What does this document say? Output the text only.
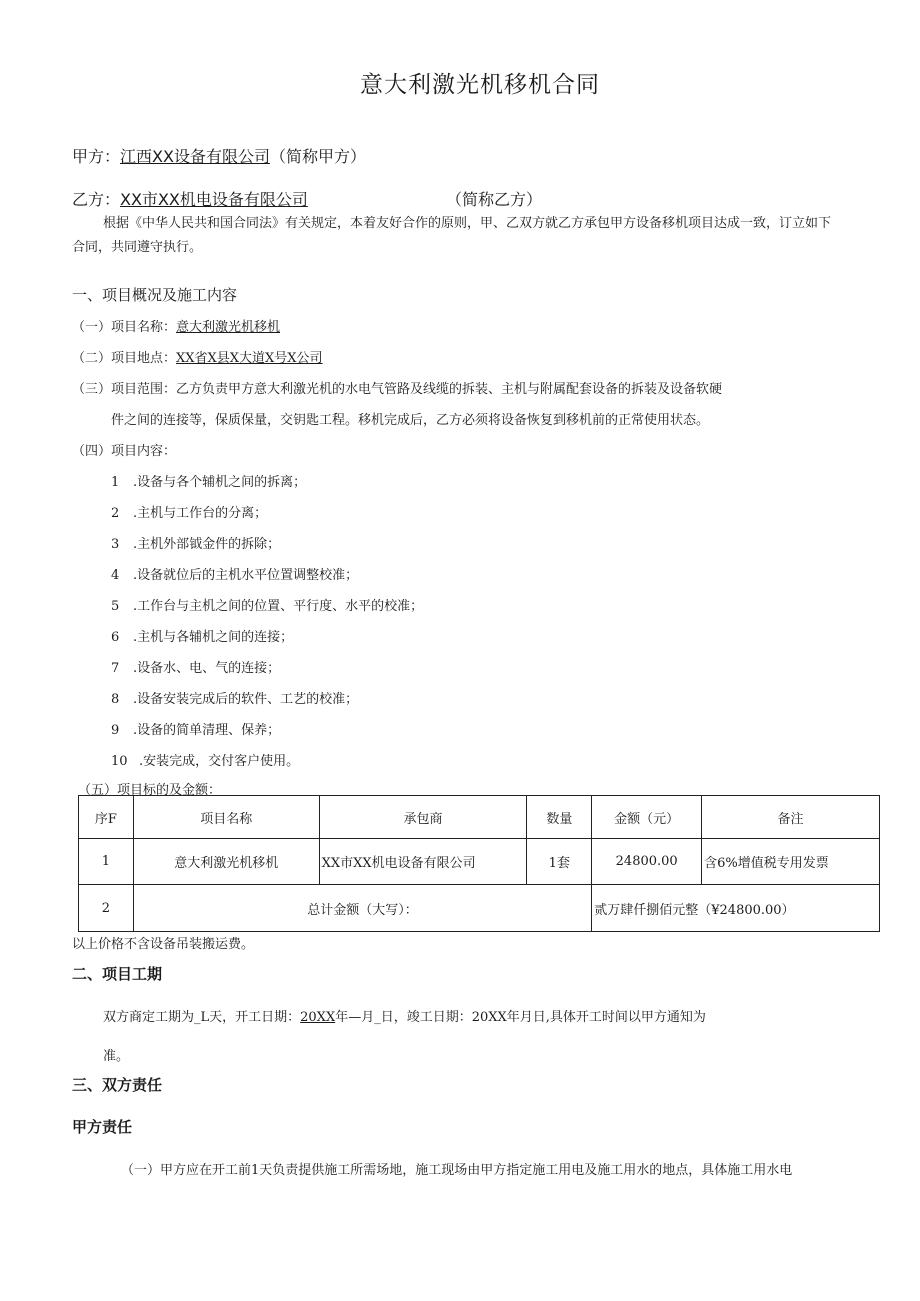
意大利激光机移机合同
甲方：江西XX设备有限公司（简称甲方）
乙方：XX市XX机电设备有限公司	（简称乙方）
根据《中华人民共和国合同法》有关规定，本着友好合作的原则，甲、乙双方就乙方承包甲方设备移机项目达成一致，订立如下
合同，共同遵守执行。
一、项目概况及施工内容
（一）项目名称：意大利激光机移机
（二）项目地点：XX省X县X大道X号X公司
（三）项目范围：乙方负责甲方意大利激光机的水电气管路及线缆的拆装、主机与附属配套设备的拆装及设备软硬
件之间的连接等，保质保量，交钥匙工程。移机完成后，乙方必须将设备恢复到移机前的正常使用状态。
（四）项目内容：
1 .设备与各个辅机之间的拆离；
2 .主机与工作台的分离；
3 .主机外部钺金件的拆除；
4 .设备就位后的主机水平位置调整校准；
5 .工作台与主机之间的位置、平行度、水平的校准；
6 .主机与各辅机之间的连接；
7 .设备水、电、气的连接；
8 .设备安装完成后的软件、工艺的校准；
9 .设备的简单清理、保养；
10 .安装完成，交付客户使用。
（五）项目标的及金额：
序F	项目名称	承包商	数量	金额（元）	备注
1	意大利激光机移机	XX市XX机电设备有限公司	1套	24800.00	含6%增值税专用发票
2	总计金额（大写）：			贰万肆仟捌佰元整（¥24800.00）	
以上价格不含设备吊装搬运费。
二、项目工期
双方商定工期为_L天，开工日期：20XX年—月_日，竣工日期：20XX年月日,具体开工时间以甲方通知为
准。
三、双方责任
甲方责任
（一）甲方应在开工前1天负责提供施工所需场地，施工现场由甲方指定施工用电及施工用水的地点，具体施工用水电
